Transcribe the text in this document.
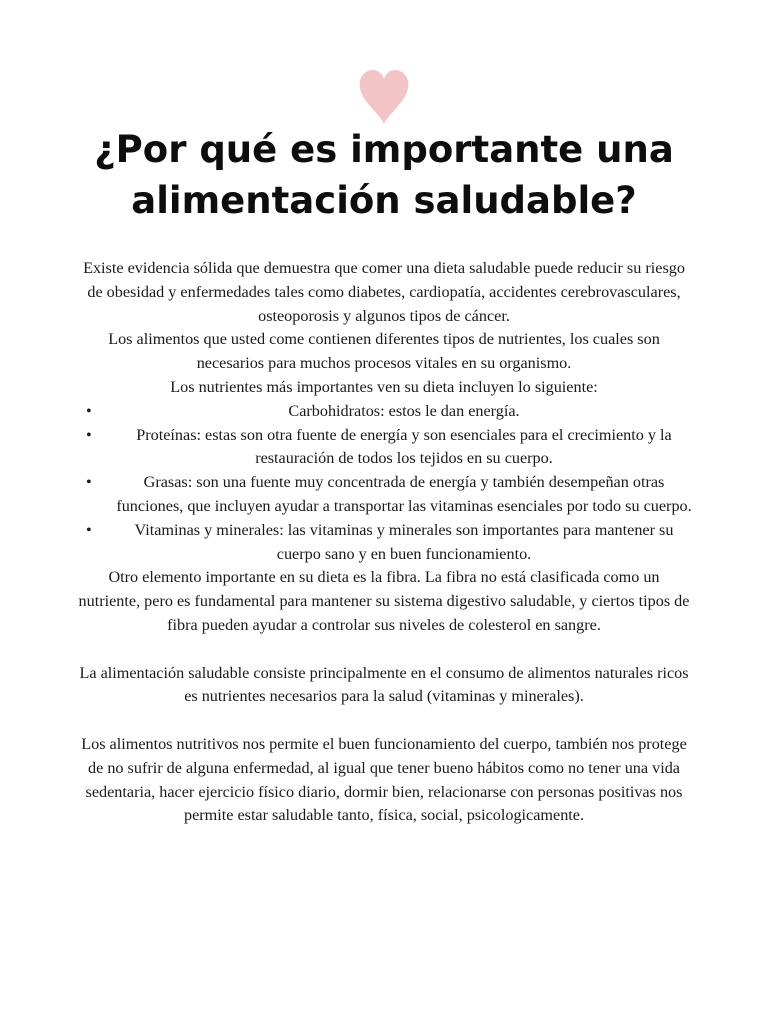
¿Por qué es importante una alimentación saludable?

Existe evidencia sólida que demuestra que comer una dieta saludable puede reducir su riesgo de obesidad y enfermedades tales como diabetes, cardiopatía, accidentes cerebrovasculares, osteoporosis y algunos tipos de cáncer.

Los alimentos que usted come contienen diferentes tipos de nutrientes, los cuales son necesarios para muchos procesos vitales en su organismo.

Los nutrientes más importantes ven su dieta incluyen lo siguiente:

•	Carbohidratos: estos le dan energía.
•	Proteínas: estas son otra fuente de energía y son esenciales para el crecimiento y la restauración de todos los tejidos en su cuerpo.
•	Grasas: son una fuente muy concentrada de energía y también desempeñan otras funciones, que incluyen ayudar a transportar las vitaminas esenciales por todo su cuerpo.
•	Vitaminas y minerales: las vitaminas y minerales son importantes para mantener su cuerpo sano y en buen funcionamiento.

Otro elemento importante en su dieta es la fibra. La fibra no está clasificada como un nutriente, pero es fundamental para mantener su sistema digestivo saludable, y ciertos tipos de fibra pueden ayudar a controlar sus niveles de colesterol en sangre.

La alimentación saludable consiste principalmente en el consumo de alimentos naturales ricos es nutrientes necesarios para la salud (vitaminas y minerales).

Los alimentos nutritivos nos permite el buen funcionamiento del cuerpo, también nos protege de no sufrir de alguna enfermedad, al igual que tener bueno hábitos como no tener una vida sedentaria, hacer ejercicio físico diario, dormir bien, relacionarse con personas positivas nos permite estar saludable tanto, física, social, psicologicamente.
